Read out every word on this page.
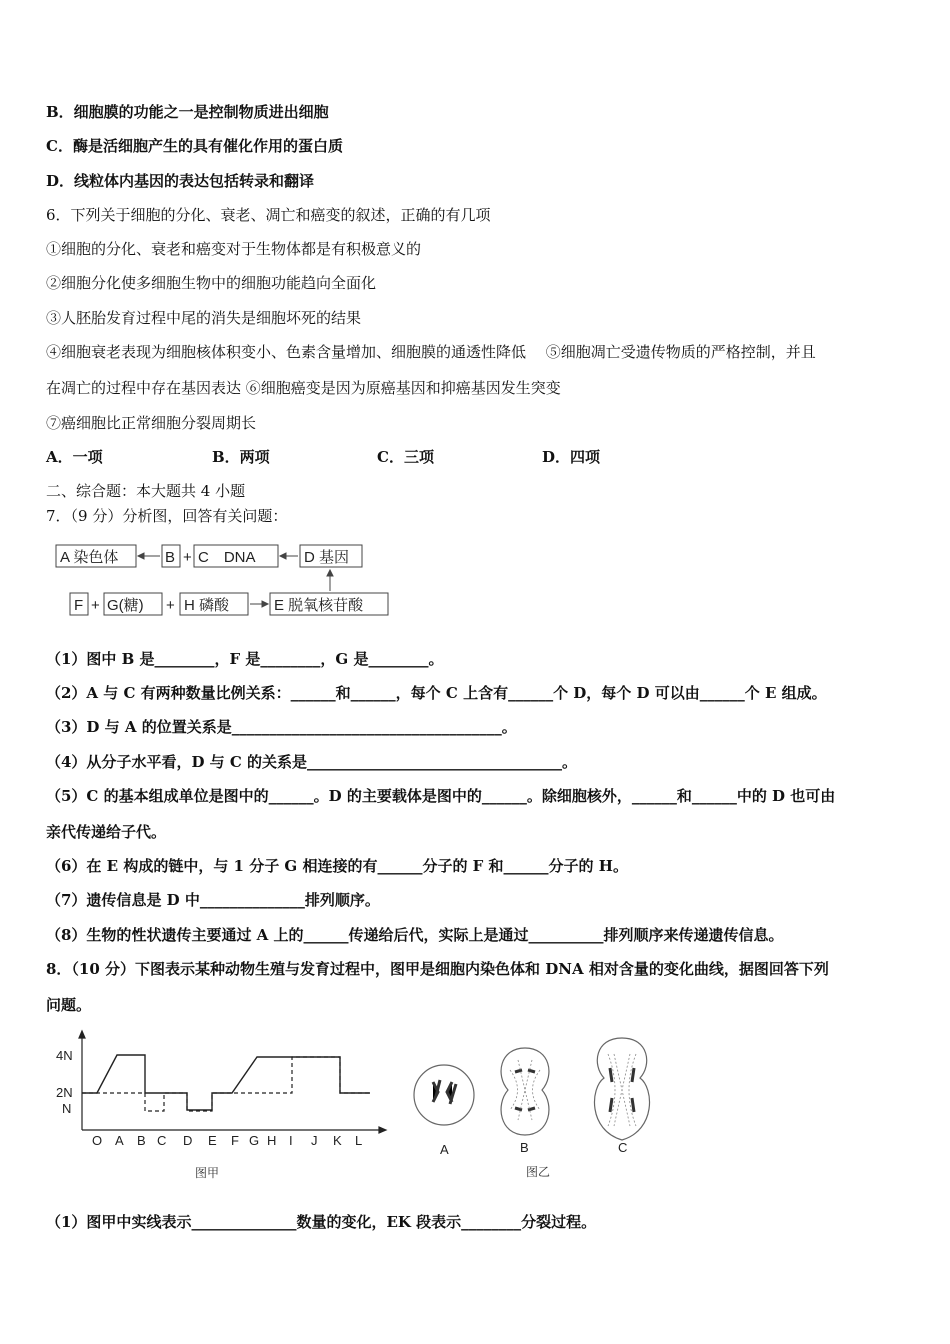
B．细胞膜的功能之一是控制物质进出细胞
C．酶是活细胞产生的具有催化作用的蛋白质
D．线粒体内基因的表达包括转录和翻译
6．下列关于细胞的分化、衰老、凋亡和癌变的叙述，正确的有几项
①细胞的分化、衰老和癌变对于生物体都是有积极意义的
②细胞分化使多细胞生物中的细胞功能趋向全面化
③人胚胎发育过程中尾的消失是细胞坏死的结果
④细胞衰老表现为细胞核体积变小、色素含量增加、细胞膜的通透性降低　 ⑤细胞凋亡受遗传物质的严格控制，并且
在凋亡的过程中存在基因表达 ⑥细胞癌变是因为原癌基因和抑癌基因发生突变
⑦癌细胞比正常细胞分裂周期长
二、综合题：本大题共 4 小题
7．（9 分）分析图，回答有关问题：
（1）图中 B 是________，F 是________，G 是________。
（2）A 与 C 有两种数量比例关系：______和______，每个 C 上含有______个 D，每个 D 可以由______个 E 组成。
（3）D 与 A 的位置关系是____________________________________。
（4）从分子水平看，D 与 C 的关系是__________________________________。
（5）C 的基本组成单位是图中的______。D 的主要载体是图中的______。除细胞核外，______和______中的 D 也可由
亲代传递给子代。
（6）在 E 构成的链中，与 1 分子 G 相连接的有______分子的 F 和______分子的 H。
（7）遗传信息是 D 中______________排列顺序。
（8）生物的性状遗传主要通过 A 上的______传递给后代，实际上是通过__________排列顺序来传递遗传信息。
8．（10 分）下图表示某种动物生殖与发育过程中，图甲是细胞内染色体和 DNA 相对含量的变化曲线，据图回答下列
问题。
（1）图甲中实线表示______________数量的变化，EK 段表示________分裂过程。
A．一项	B．两项	C．三项	D．四项
A 染色体	B + C　DNA	D 基因
F + G(糖) + H 磷酸	E 脱氧核苷酸
4N
2N
N
O A B C D E F G H I J K L
图甲
A	B	C
图乙
